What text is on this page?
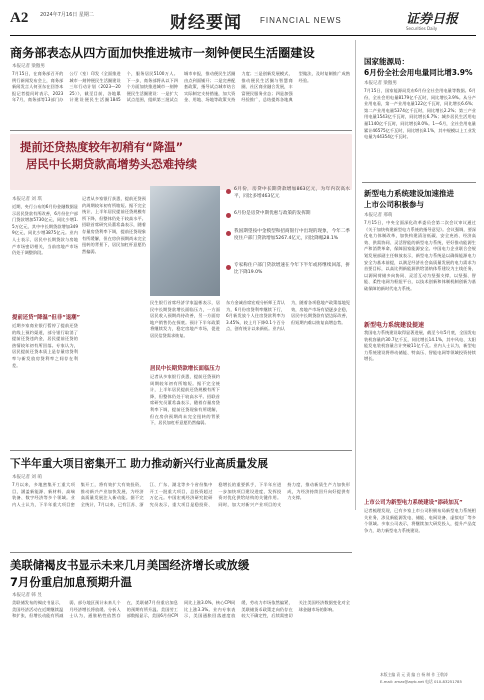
A2 2024年7月16日 星期二	财经要闻 FINANCIAL NEWS	证券日报
Securities Daily
商务部表态从四方面加快推进城市一刻钟便民生活圈建设
本报记者 梁傲男
7月15日，在商务部召开的例行新闻发布会上，商务部新闻发言人何亚东在回答本报记者提问时表示，2023年7月，商务部等13部门办公厅（室）印发《全面推进城市一刻钟便民生活圈建设三年行动计划（2023—2025）》，截至目前，各地累计建设便民生活圈1845个，服务居民5100万人。下一步，商务部将从以下四个方面加快推进城市一刻钟便民生活圈建设：一是扩大试点范围，组织第三批试点城市申报，推动便民生活圈由点到面铺开；二是完善配套政策，指导试点城市结合实际制定支持措施，加大资金、用地、场地等政策支持力度；三是创新发展模式，推动便民生活圈与智慧商圈、社区商业融合发展，丰富便民服务业态；四是加强经验推广，总结提炼各地典型做法，及时复制推广成熟经验。
国家能源局：
6月份全社会用电量同比增3.9%
本报记者 梁傲男
7月15日，国家能源局发布6月份全社会用电量等数据。6月份，全社会用电量8179亿千瓦时，同比增长3.9%。从分产业用电看，第一产业用电量122亿千瓦时，同比增长6.6%；第二产业用电量5374亿千瓦时，同比增长2.2%；第三产业用电量1543亿千瓦时，同比增长6.7%；城乡居民生活用电量1140亿千瓦时，同比增长8.0%。1—6月，全社会用电量累计46575亿千瓦时，同比增长8.1%，其中规模以上工业发电量为44354亿千瓦时。
新型电力系统建设加速推进
上市公司积极参与
本报记者 邢萌
7月15日，中央全面深化改革委员会第二次会议审议通过《关于加快构建新型电力系统的指导意见》。会议强调，要深化电力体制改革，加快构建清洁低碳、安全充裕、经济高效、供需协同、灵活智能的新型电力系统，更好推动能源生产和消费革命，保障国家能源安全。中国电力企业联合会规划发展部副主任韩放表示，新型电力系统是以确保能源电力安全为基本前提，以满足经济社会高质量发展的电力需求为首要目标，以高比例新能源供给消纳体系建设为主线任务，以源网荷储多向协同、灵活互动为坚强支撑，以坚强、智能、柔性电网为枢纽平台，以技术创新和体制机制创新为基础保障的新时代电力系统。
新型电力系统建设提速
我国电力系统建设取得显著进展，截至今年5月底，全国发电装机容量约30.7亿千瓦，同比增长14.1%，其中风电、太阳能发电装机容量合计突破11亿千瓦。业内人士认为，新型电力系统建设将带动储能、特高压、智能电网等领域投资持续增长。
上市公司为新型电力系统建设“添砖加瓦”
记者梳理发现，已有多家上市公司积极布局新型电力系统相关业务，涉及新能源发电、储能、电网设备、虚拟电厂等多个领域。多家公司表示，将继续加大研发投入，提升产品竞争力，助力新型电力系统建设。
提前还贷热度较年初稍有“降温”
居民中长期贷款高增势头恐难持续
6月份，房贷中长期贷款增加863亿元，为年内次高水平，同比多增463亿元
6月份是房贷中期优惠与政策的发挥期
我国期望按中金模型和招商银行中出现的现象，今年二季度住户部门贷款增加5267.4亿元，同比降幅28.1%
专家称住户部门贷款增速在今年下半年或将继续回落，拼比下降19.0%
本报记者 刘 琪
近期，央行公布的6月份金融数据显示居民贷款有所改善，6月份住户部门贷款增加5730亿元，同比少增1.5万亿元，其中中长期贷款增加3499亿元，同比少增3875亿元。业内人士表示，居民中长期贷款与房地产市场密切相关，当前房地产市场仍处于调整阶段。
提前还贷“降温”但非“退潮”
近期多家商业银行暂停了提前还贷的线上预约渠道，部分银行取消了提前还贷违约金，居民提前还贷的热情较年初有所回落。专家认为，居民提前还贷本质上是存量房贷利率与新发放房贷利率之间存在利差。
记者从多家银行获悉，提前还贷预约周期较年初有所缩短。据不完全统计，上半年居民提前还贷规模有所下降，但整体仍处于较高水平。招联首席研究员董希淼表示，随着存量房贷利率下调，提前还贷现象有所缓解，但在房价预期尚未完全扭转的背景下，居民加杠杆意愿仍然偏弱。
民生银行首席经济学家温彬表示，居民中长期贷款增长面临压力，一方面居民收入预期尚待改善，另一方面房地产销售仍在探底。预计下半年政策将继续发力，稳定房地产市场，促进居民信贷需求恢复。
居民中长期贷款增长面临压力
记者从多家银行获悉，提前还贷预约周期较年初有所缩短。据不完全统计，上半年居民提前还贷规模有所下降，但整体仍处于较高水平。招联首席研究员董希淼表示，随着存量房贷利率下调，提前还贷现象有所缓解，但在房价预期尚未完全扭转的背景下，居民加杠杆意愿仍然偏弱。
东方金诚首席宏观分析师王青认为，6月份房贷利率继续下行，6月新发放个人住房贷款利率为3.45%，较上月下降0.1个百分点，创有统计以来新低。业内认为，随着各项稳地产政策落地见效，房地产市场有望逐步企稳，居民中长期贷款有望边际改善，但短期内难以恢复高增态势。
下半年重大项目密集开工 助力推动新兴行业高质量发展
本报记者 刘 萌
7月以来，多地密集开工重大项目，涵盖新能源、新材料、高端装备、数字经济等多个领域。业内人士认为，下半年重大项目密集开工，将有效扩大有效投资，推动新兴产业加快发展，为经济高质量发展注入新动能。据不完全统计，7月以来，已有江苏、浙江、广东、湖北等多个省份集中开工一批重大项目，总投资超过万亿元。中国宏观经济研究院研究员表示，重大项目是稳投资、稳增长的重要抓手，下半年应进一步加快项目建设进度，发挥投资对优化供给结构的关键作用。同时，加大对新兴产业项目的支持力度，推动新质生产力加快形成，为经济持续回升向好提供有力支撑。
美联储褐皮书显示未来几月美国经济增长或放缓
7月份重启加息预期升温
本报记者 韩 昱
美联储发布的褐皮书显示，美国经济活动在近期继续温和扩张，但增长动能有所减弱，部分地区预计未来几个月经济增长将放缓。分析人士认为，通胀粘性依然存在，美联储7月份重启加息的预期有所升温。美国劳工部数据显示，美国6月份CPI同比上涨3.0%，核心CPI同比上涨3.3%。业内专家表示，美国通胀回落速度放缓，劳动力市场依然偏紧，美联储货币政策走向仍存在较大不确定性，后续需密切关注美国经济数据变化对全球金融市场的影响。
本版主编 袁 元 责 编 白 杨 制 作 王敬涛
E-mail: zmzx@zqrb.net 电话 010-83251785
